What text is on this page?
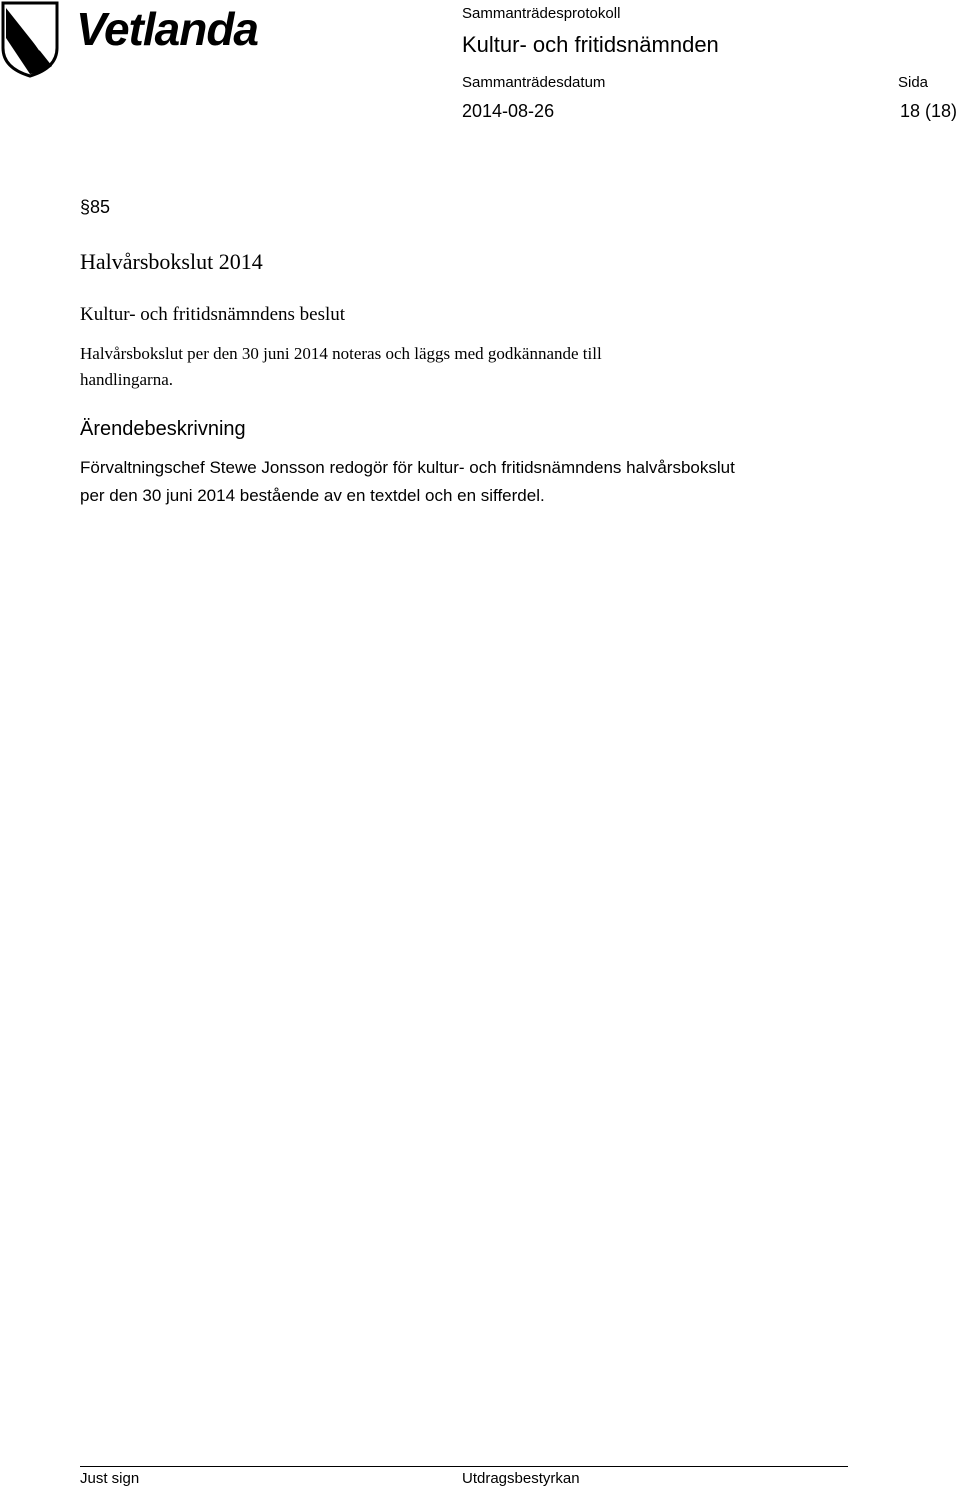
Vetlanda	Sammanträdesprotokoll
Kultur- och fritidsnämnden
Sammanträdesdatum	Sida
2014-08-26	18 (18)
§85
Halvårsbokslut 2014
Kultur- och fritidsnämndens beslut
Halvårsbokslut per den 30 juni 2014 noteras och läggs med godkännande till
handlingarna.
Ärendebeskrivning
Förvaltningschef Stewe Jonsson redogör för kultur- och fritidsnämndens halvårsbokslut
per den 30 juni 2014 bestående av en textdel och en sifferdel.
Just sign	Utdragsbestyrkan
